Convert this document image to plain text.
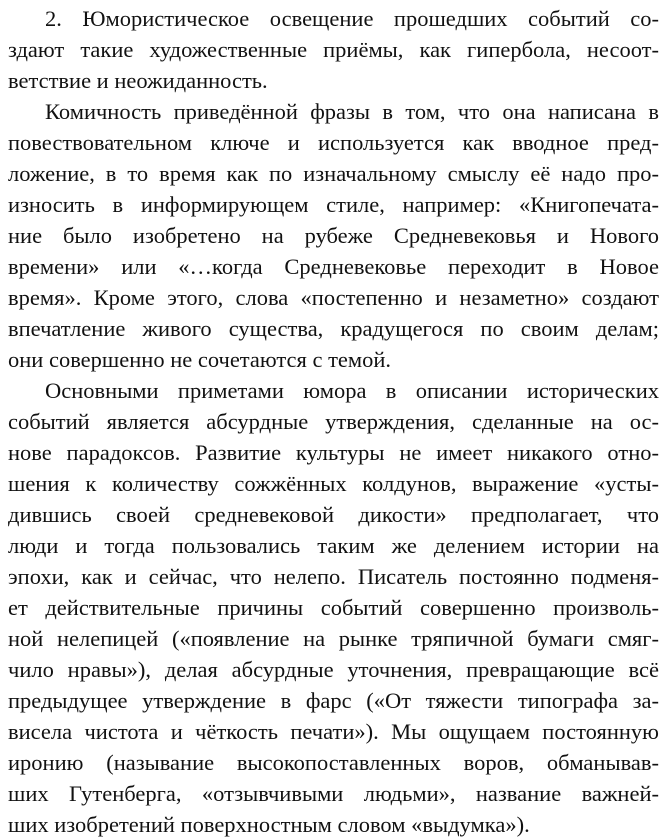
2. Юмористическое освещение прошедших событий со-
здают такие художественные приёмы, как гипербола, несоот-
ветствие и неожиданность.
Комичность приведённой фразы в том, что она написана в
повествовательном ключе и используется как вводное пред-
ложение, в то время как по изначальному смыслу её надо про-
износить в информирующем стиле, например: «Книгопечата-
ние было изобретено на рубеже Средневековья и Нового
времени» или «…когда Средневековье переходит в Новое
время». Кроме этого, слова «постепенно и незаметно» создают
впечатление живого существа, крадущегося по своим делам;
они совершенно не сочетаются с темой.
Основными приметами юмора в описании исторических
событий является абсурдные утверждения, сделанные на ос-
нове парадоксов. Развитие культуры не имеет никакого отно-
шения к количеству сожжённых колдунов, выражение «усты-
дившись своей средневековой дикости» предполагает, что
люди и тогда пользовались таким же делением истории на
эпохи, как и сейчас, что нелепо. Писатель постоянно подменя-
ет действительные причины событий совершенно произволь-
ной нелепицей («появление на рынке тряпичной бумаги смяг-
чило нравы»), делая абсурдные уточнения, превращающие всё
предыдущее утверждение в фарс («От тяжести типографа за-
висела чистота и чёткость печати»). Мы ощущаем постоянную
иронию (называние высокопоставленных воров, обманывав-
ших Гутенберга, «отзывчивыми людьми», название важней-
ших изобретений поверхностным словом «выдумка»).
